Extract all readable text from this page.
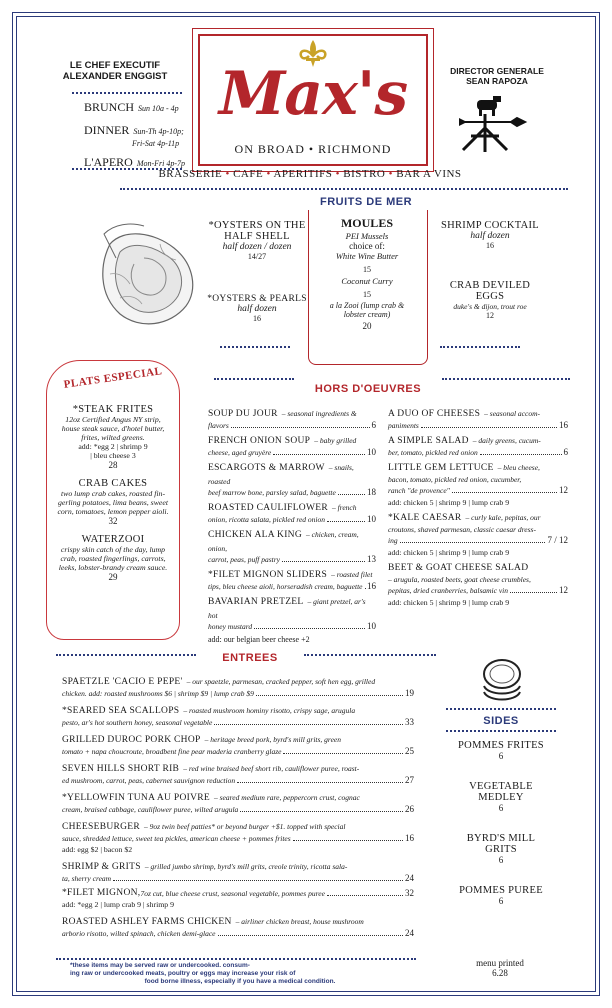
LE CHEF EXECUTIF
ALEXANDER ENGGIST
BRUNCH Sun 10a - 4p
DINNER Sun-Th 4p-10p;
Fri-Sat 4p-11p
L'APERO Mon-Fri 4p-7p
Max's
ON BROAD • RICHMOND
DIRECTOR GENERALE
SEAN RAPOZA
BRASSERIE • CAFE • APERITIFS • BISTRO • BAR A VINS
FRUITS DE MER
*OYSTERS ON THE
HALF SHELL
half dozen / dozen
14/27
*OYSTERS & PEARLS
half dozen
16
MOULES
PEI Mussels
choice of:
White Wine Butter
15
Coconut Curry
15
a la Zooi (lump crab &
lobster cream)
20
SHRIMP COCKTAIL
half dozen
16
CRAB DEVILED
EGGS
duke's & dijon, trout roe
12
PLATS ESPECIAL
*STEAK FRITES
12oz Certified Angus NY strip,
house steak sauce, d'hotel butter,
frites, wilted greens.
add: *egg 2 | shrimp 9
| bleu cheese 3
28
CRAB CAKES
two lump crab cakes, roasted fin-
gerling potatoes, lima beans, sweet
corn, tomatoes, lemon pepper aioli.
32
WATERZOOI
crispy skin catch of the day, lump
crab, roasted fingerlings, carrots,
leeks, lobster-brandy cream sauce.
29
HORS D'OEUVRES
SOUP DU JOUR – seasonal ingredients &
flavors	6
FRENCH ONION SOUP – baby grilled
cheese, aged gruyère	10
ESCARGOTS & MARROW – snails, roasted
beef marrow bone, parsley salad, baguette	18
ROASTED CAULIFLOWER – french
onion, ricotta salata, pickled red onion	10
CHICKEN ALA KING – chicken, cream, onion,
carrot, peas, puff pastry	13
*FILET MIGNON SLIDERS – roasted filet
tips, bleu cheese aioli, horseradish cream, baguette 16
BAVARIAN PRETZEL – giant pretzel, ar's hot
honey mustard	10
add: our belgian beer cheese +2
A DUO OF CHEESES – seasonal accom-
paniments	16
A SIMPLE SALAD – daily greens, cucum-
ber, tomato, pickled red onion	6
LITTLE GEM LETTUCE – bleu cheese,
bacon, tomato, pickled red onion, cucumber,
ranch "de provence"	12
add: chicken 5 | shrimp 9 | lump crab 9
*KALE CAESAR – curly kale, pepitas, our
croutons, shaved parmesan, classic caesar dress-
ing	7 / 12
add: chicken 5 | shrimp 9 | lump crab 9
BEET & GOAT CHEESE SALAD
– arugula, roasted beets, goat cheese crumbles,
pepitas, dried cranberries, balsamic vin	12
add: chicken 5 | shrimp 9 | lump crab 9
ENTREES
SPAETZLE 'CACIO E PEPE' – our spaetzle, parmesan, cracked pepper, soft hen egg, grilled
chicken. add: roasted mushrooms $6 | shrimp $9 | lump crab $9	19
*SEARED SEA SCALLOPS – roasted mushroom hominy risotto, crispy sage, arugula
pesto, ar's hot southern honey, seasonal vegetable	33
GRILLED DUROC PORK CHOP – heritage breed pork, byrd's mill grits, green
tomato + napa choucroute, broadbent fine pear maderia cranberry glaze	25
SEVEN HILLS SHORT RIB – red wine braised beef short rib, cauliflower puree, roast-
ed mushroom, carrot, peas, cabernet sauvignon reduction	27
*YELLOWFIN TUNA AU POIVRE – seared medium rare, peppercorn crust, cognac
cream, braised cabbage, cauliflower puree, wilted arugula	26
CHEESEBURGER – 9oz twin beef patties* or beyond burger +$1. topped with special
sauce, shredded lettuce, sweet tea pickles, american cheese + pommes frites	16
add: egg $2 | bacon $2
SHRIMP & GRITS – grilled jumbo shrimp, byrd's mill grits, creole trinity, ricotta sala-
ta, sherry cream	24
*FILET MIGNON, 7oz cut, blue cheese crust, seasonal vegetable, pommes puree	32
add: *egg 2 | lump crab 9 | shrimp 9
ROASTED ASHLEY FARMS CHICKEN – airliner chicken breast, house mushroom
arborio risotto, wilted spinach, chicken demi-glace	24
SIDES
POMMES FRITES
6
VEGETABLE
MEDLEY
6
BYRD'S MILL
GRITS
6
POMMES PUREE
6
*these items may be served raw or undercooked. consum-
ing raw or undercooked meats, poultry or eggs may increase your risk of
food borne illness, especially if you have a medical condition.
menu printed
6.28
